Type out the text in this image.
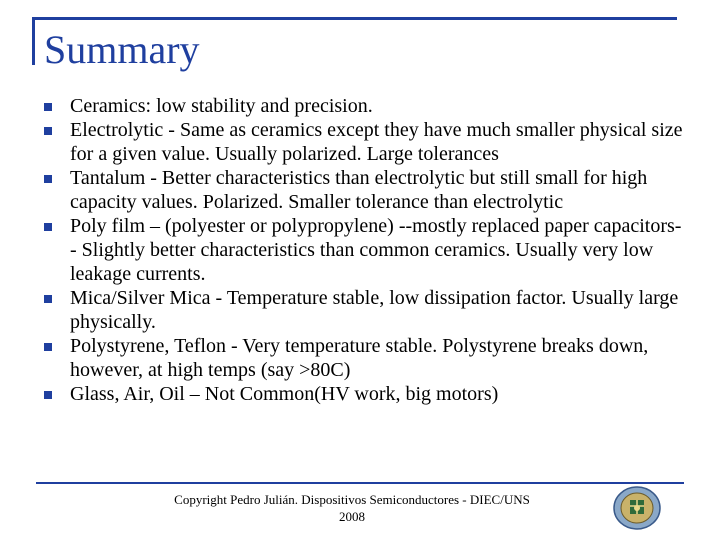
Summary
Ceramics: low stability and precision.
Electrolytic - Same as ceramics except they have much smaller physical size for a given value. Usually polarized. Large tolerances
Tantalum - Better characteristics than electrolytic but still small for high capacity values. Polarized. Smaller tolerance than electrolytic
Poly film – (polyester or polypropylene) --mostly replaced paper capacitors-- Slightly better characteristics than common ceramics. Usually very low leakage currents.
Mica/Silver Mica - Temperature stable, low dissipation factor. Usually large physically.
Polystyrene, Teflon - Very temperature stable. Polystyrene breaks down, however, at high temps (say >80C)
Glass, Air, Oil – Not Common(HV work, big motors)
Copyright Pedro Julián. Dispositivos Semiconductores - DIEC/UNS
2008
